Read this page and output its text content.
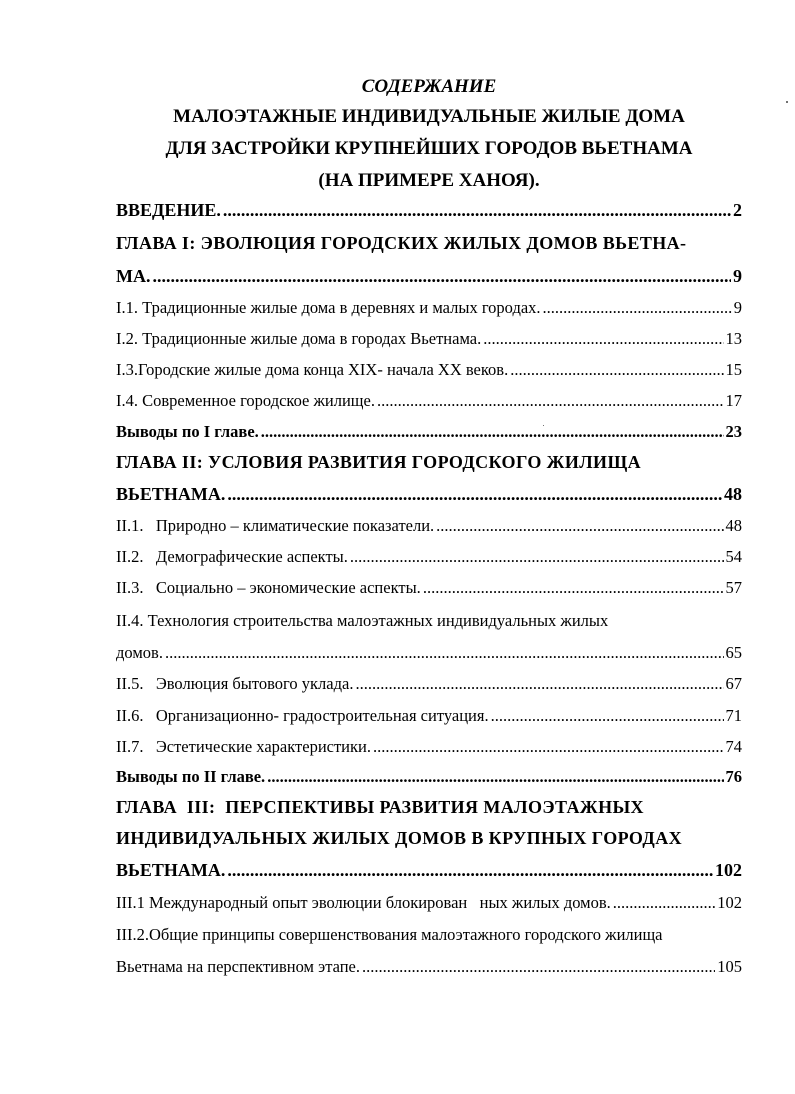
СОДЕРЖАНИЕ
МАЛОЭТАЖНЫЕ ИНДИВИДУАЛЬНЫЕ ЖИЛЫЕ ДОМА
ДЛЯ ЗАСТРОЙКИ КРУПНЕЙШИХ ГОРОДОВ ВЬЕТНАМА
(НА ПРИМЕРЕ ХАНОЯ).
ВВЕДЕНИЕ. .....	2
ГЛАВА I: ЭВОЛЮЦИЯ ГОРОДСКИХ ЖИЛЫХ ДОМОВ ВЬЕТНА-
МА. .....	9
I.1. Традиционные жилые дома в деревнях и малых городах. .....	9
I.2. Традиционные жилые дома в городах Вьетнама. .....	13
I.3.Городские жилые дома конца XIX- начала XX веков. .....	15
I.4. Современное городское жилище. .....	17
Выводы по I главе. .....	23
ГЛАВА II: УСЛОВИЯ РАЗВИТИЯ ГОРОДСКОГО ЖИЛИЩА
ВЬЕТНАМА. .....	48
II.1.   Природно – климатические показатели. .....	48
II.2.   Демографические аспекты. .....	54
II.3.   Социально – экономические аспекты. .....	57
II.4. Технология строительства малоэтажных индивидуальных жилых
домов. .....	65
II.5.   Эволюция бытового уклада. .....	67
II.6.   Организационно- градостроительная ситуация. .....	71
II.7.   Эстетические характеристики. .....	74
Выводы по II главе. .....	76
ГЛАВА  III:  ПЕРСПЕКТИВЫ РАЗВИТИЯ МАЛОЭТАЖНЫХ
ИНДИВИДУАЛЬНЫХ ЖИЛЫХ ДОМОВ В КРУПНЫХ ГОРОДАХ
ВЬЕТНАМА. .....	102
III.1 Международный опыт эволюции блокирован   ных жилых домов. .....	102
III.2.Общие принципы совершенствования малоэтажного городского жилища
Вьетнама на перспективном этапе. .....	105
